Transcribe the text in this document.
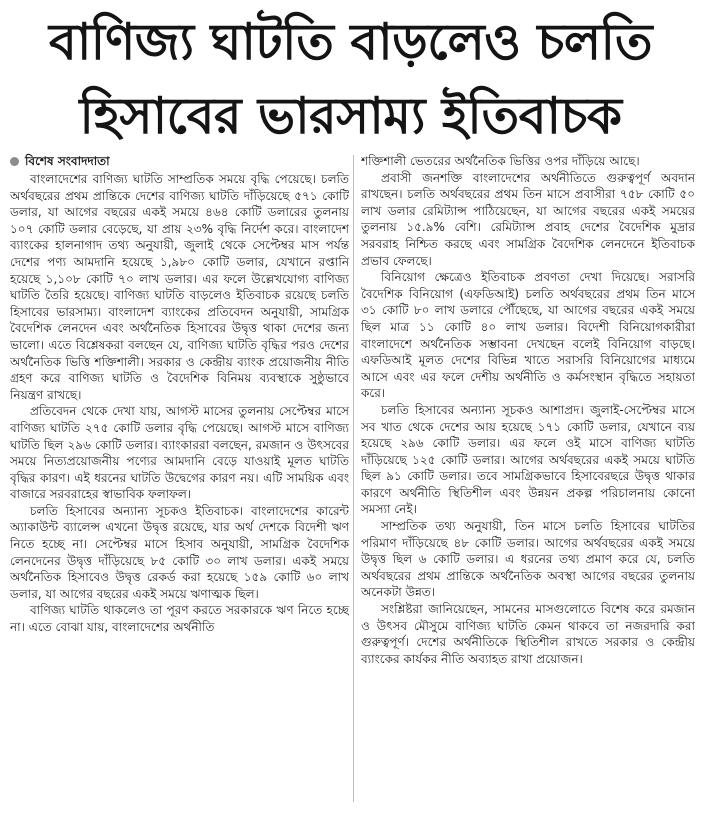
বাণিজ্য ঘাটতি বাড়লেও চলতি
হিসাবের ভারসাম্য ইতিবাচক
বিশেষ সংবাদদাতা

বাংলাদেশের বাণিজ্য ঘাটতি সাম্প্রতিক সময়ে বৃদ্ধি পেয়েছে। চলতি অর্থবছরের প্রথম প্রান্তিকে দেশের বাণিজ্য ঘাটতি দাঁড়িয়েছে ৫৭১ কোটি ডলার, যা আগের বছরের একই সময়ে ৪৬৪ কোটি ডলারের তুলনায় ১০৭ কোটি ডলার বেড়েছে, যা প্রায় ২৩% বৃদ্ধি নির্দেশ করে। বাংলাদেশ ব্যাংকের হালনাগাদ তথ্য অনুযায়ী, জুলাই থেকে সেপ্টেম্বর মাস পর্যন্ত দেশের পণ্য আমদানি হয়েছে ১,৯৮০ কোটি ডলার, যেখানে রপ্তানি হয়েছে ১,১০৮ কোটি ৭০ লাখ ডলার। এর ফলে উল্লেখযোগ্য বাণিজ্য ঘাটতি তৈরি হয়েছে। বাণিজ্য ঘাটতি বাড়লেও ইতিবাচক রয়েছে চলতি হিসাবের ভারসাম্য। বাংলাদেশ ব্যাংকের প্রতিবেদন অনুযায়ী, সামগ্রিক বৈদেশিক লেনদেন এবং অর্থনৈতিক হিসাবের উদ্বৃত্ত থাকা দেশের জন্য ভালো। এতে বিশ্লেষকরা বলছেন যে, বাণিজ্য ঘাটতি বৃদ্ধির পরও দেশের অর্থনৈতিক ভিত্তি শক্তিশালী। সরকার ও কেন্দ্রীয় ব্যাংক প্রয়োজনীয় নীতি গ্রহণ করে বাণিজ্য ঘাটতি ও বৈদেশিক বিনিময় ব্যবস্থাকে সুষ্ঠুভাবে নিয়ন্ত্রণ রাখছে।

প্রতিবেদন থেকে দেখা যায়, আগস্ট মাসের তুলনায় সেপ্টেম্বর মাসে বাণিজ্য ঘাটতি ২৭৫ কোটি ডলার বৃদ্ধি পেয়েছে। আগস্ট মাসে বাণিজ্য ঘাটতি ছিল ২৯৬ কোটি ডলার। ব্যাংকাররা বলছেন, রমজান ও উৎসবের সময়ে নিত্যপ্রয়োজনীয় পণ্যের আমদানি বেড়ে যাওয়াই মূলত ঘাটতি বৃদ্ধির কারণ। এই ধরনের ঘাটতি উদ্বেগের কারণ নয়। এটি সাময়িক এবং বাজারে সরবরাহের স্বাভাবিক ফলাফল।

চলতি হিসাবের অন্যান্য সূচকও ইতিবাচক। বাংলাদেশের কারেন্ট অ্যাকাউন্ট ব্যালেন্স এখনো উদ্বৃত্ত রয়েছে, যার অর্থ দেশকে বিদেশী ঋণ নিতে হচ্ছে না। সেপ্টেম্বর মাসে হিসাব অনুযায়ী, সামগ্রিক বৈদেশিক লেনদেনের উদ্বৃত্ত দাঁড়িয়েছে ৮৫ কোটি ৩০ লাখ ডলার। একই সময়ে অর্থনৈতিক হিসাবেও উদ্বৃত্ত রেকর্ড করা হয়েছে ১৫৯ কোটি ৬০ লাখ ডলার, যা আগের বছরের একই সময়ে ঋণাত্মক ছিল।

বাণিজ্য ঘাটতি থাকলেও তা পূরণ করতে সরকারকে ঋণ নিতে হচ্ছে না। এতে বোঝা যায়, বাংলাদেশের অর্থনীতি

শক্তিশালী ভেতরের অর্থনৈতিক ভিত্তির ওপর দাঁড়িয়ে আছে।

প্রবাসী জনশক্তি বাংলাদেশের অর্থনীতিতে গুরুত্বপূর্ণ অবদান রাখছেন। চলতি অর্থবছরের প্রথম তিন মাসে প্রবাসীরা ৭৫৮ কোটি ৫০ লাখ ডলার রেমিট্যান্স পাঠিয়েছেন, যা আগের বছরের একই সময়ের তুলনায় ১৫.৯% বেশি। রেমিট্যান্স প্রবাহ দেশের বৈদেশিক মুদ্রার সরবরাহ নিশ্চিত করছে এবং সামগ্রিক বৈদেশিক লেনদেনে ইতিবাচক প্রভাব ফেলছে।

বিনিয়োগ ক্ষেত্রেও ইতিবাচক প্রবণতা দেখা দিয়েছে। সরাসরি বৈদেশিক বিনিয়োগ (এফডিআই) চলতি অর্থবছরের প্রথম তিন মাসে ৩১ কোটি ৮০ লাখ ডলারে পৌঁছেছে, যা আগের বছরের একই সময়ে ছিল মাত্র ১১ কোটি ৪০ লাখ ডলার। বিদেশী বিনিয়োগকারীরা বাংলাদেশে অর্থনৈতিক সম্ভাবনা দেখছেন বলেই বিনিয়োগ বাড়ছে। এফডিআই মূলত দেশের বিভিন্ন খাতে সরাসরি বিনিয়োগের মাধ্যমে আসে এবং এর ফলে দেশীয় অর্থনীতি ও কর্মসংস্থান বৃদ্ধিতে সহায়তা করে।

চলতি হিসাবের অন্যান্য সূচকও আশাপ্রদ। জুলাই-সেপ্টেম্বর মাসে সব খাত থেকে দেশের আয় হয়েছে ১৭১ কোটি ডলার, যেখানে ব্যয় হয়েছে ২৯৬ কোটি ডলার। এর ফলে ওই মাসে বাণিজ্য ঘাটতি দাঁড়িয়েছে ১২৫ কোটি ডলার। আগের অর্থবছরের একই সময়ে ঘাটতি ছিল ৯১ কোটি ডলার। তবে সামগ্রিকভাবে হিসাবেরছরে উদ্বৃত্ত থাকার কারণে অর্থনীতি স্থিতিশীল এবং উন্নয়ন প্রকল্প পরিচালনায় কোনো সমস্যা নেই।

সাম্প্রতিক তথ্য অনুযায়ী, তিন মাসে চলতি হিসাবের ঘাটতির পরিমাণ দাঁড়িয়েছে ৪৮ কোটি ডলার। আগের অর্থবছরের একই সময়ে উদ্বৃত্ত ছিল ৬ কোটি ডলার। এ ধরনের তথ্য প্রমাণ করে যে, চলতি অর্থবছরের প্রথম প্রান্তিকে অর্থনৈতিক অবস্থা আগের বছরের তুলনায় অনেকটা উন্নত।

সংশ্লিষ্টরা জানিয়েছেন, সামনের মাসগুলোতে বিশেষ করে রমজান ও উৎসব মৌসুমে বাণিজ্য ঘাটতি কেমন থাকবে তা নজরদারি করা গুরুত্বপূর্ণ। দেশের অর্থনীতিকে স্থিতিশীল রাখতে সরকার ও কেন্দ্রীয় ব্যাংকের কার্যকর নীতি অব্যাহত রাখা প্রয়োজন।
